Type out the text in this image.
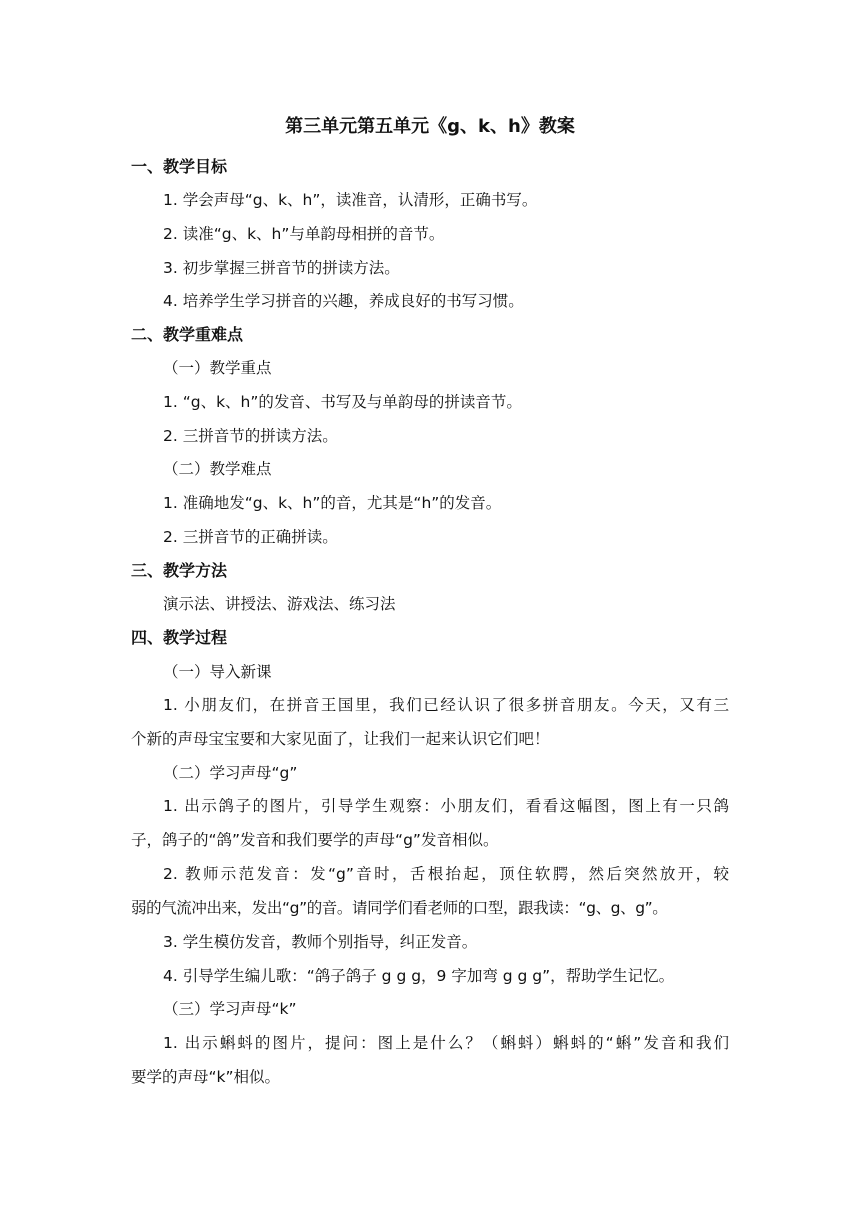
第三单元第五单元《g、k、h》教案
一、教学目标
1. 学会声母“g、k、h”，读准音，认清形，正确书写。
2. 读准“g、k、h”与单韵母相拼的音节。
3. 初步掌握三拼音节的拼读方法。
4. 培养学生学习拼音的兴趣，养成良好的书写习惯。
二、教学重难点
（一）教学重点
1. “g、k、h”的发音、书写及与单韵母的拼读音节。
2. 三拼音节的拼读方法。
（二）教学难点
1. 准确地发“g、k、h”的音，尤其是“h”的发音。
2. 三拼音节的正确拼读。
三、教学方法
演示法、讲授法、游戏法、练习法
四、教学过程
（一）导入新课
1. 小朋友们，在拼音王国里，我们已经认识了很多拼音朋友。今天，又有三
个新的声母宝宝要和大家见面了，让我们一起来认识它们吧！
（二）学习声母“g”
1. 出示鸽子的图片，引导学生观察：小朋友们，看看这幅图，图上有一只鸽
子，鸽子的“鸽”发音和我们要学的声母“g”发音相似。
2. 教师示范发音：发“g”音时，舌根抬起，顶住软腭，然后突然放开，较
弱的气流冲出来，发出“g”的音。请同学们看老师的口型，跟我读：“g、g、g”。
3. 学生模仿发音，教师个别指导，纠正发音。
4. 引导学生编儿歌：“鸽子鸽子 g g g，9 字加弯 g g g”，帮助学生记忆。
（三）学习声母“k”
1. 出示蝌蚪的图片，提问：图上是什么？（蝌蚪）蝌蚪的“蝌”发音和我们
要学的声母“k”相似。
